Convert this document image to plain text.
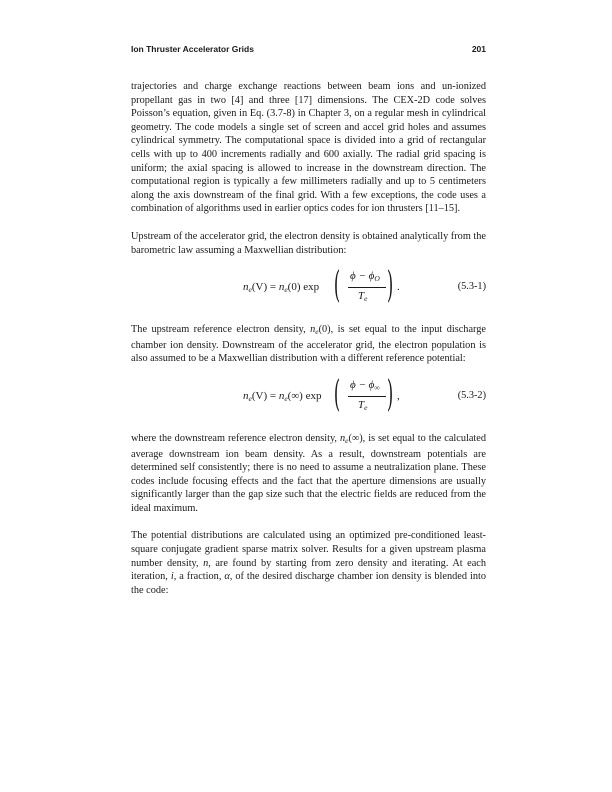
Ion Thruster Accelerator Grids	201

trajectories and charge exchange reactions between beam ions and un-ionized propellant gas in two [4] and three [17] dimensions. The CEX-2D code solves Poisson’s equation, given in Eq. (3.7-8) in Chapter 3, on a regular mesh in cylindrical geometry. The code models a single set of screen and accel grid holes and assumes cylindrical symmetry. The computational space is divided into a grid of rectangular cells with up to 400 increments radially and 600 axially. The radial grid spacing is uniform; the axial spacing is allowed to increase in the downstream direction. The computational region is typically a few millimeters radially and up to 5 centimeters along the axis downstream of the final grid. With a few exceptions, the code uses a combination of algorithms used in earlier optics codes for ion thrusters [11–15].

Upstream of the accelerator grid, the electron density is obtained analytically from the barometric law assuming a Maxwellian distribution:

$n_e(V) = n_e(0)$ exp ( $\phi - \phi_O$
$T_e$ ) .	(5.3-1)

The upstream reference electron density, $n_e(0)$, is set equal to the input discharge chamber ion density. Downstream of the accelerator grid, the electron population is also assumed to be a Maxwellian distribution with a different reference potential:

$n_e(V) = n_e(\infty)$ exp ( $\phi - \phi_\infty$
$T_e$ ) ,	(5.3-2)

where the downstream reference electron density, $n_e(\infty)$, is set equal to the calculated average downstream ion beam density. As a result, downstream potentials are determined self consistently; there is no need to assume a neutralization plane. These codes include focusing effects and the fact that the aperture dimensions are usually significantly larger than the gap size such that the electric fields are reduced from the ideal maximum.

The potential distributions are calculated using an optimized pre-conditioned least-square conjugate gradient sparse matrix solver. Results for a given upstream plasma number density, n, are found by starting from zero density and iterating. At each iteration, i, a fraction, α, of the desired discharge chamber ion density is blended into the code:
